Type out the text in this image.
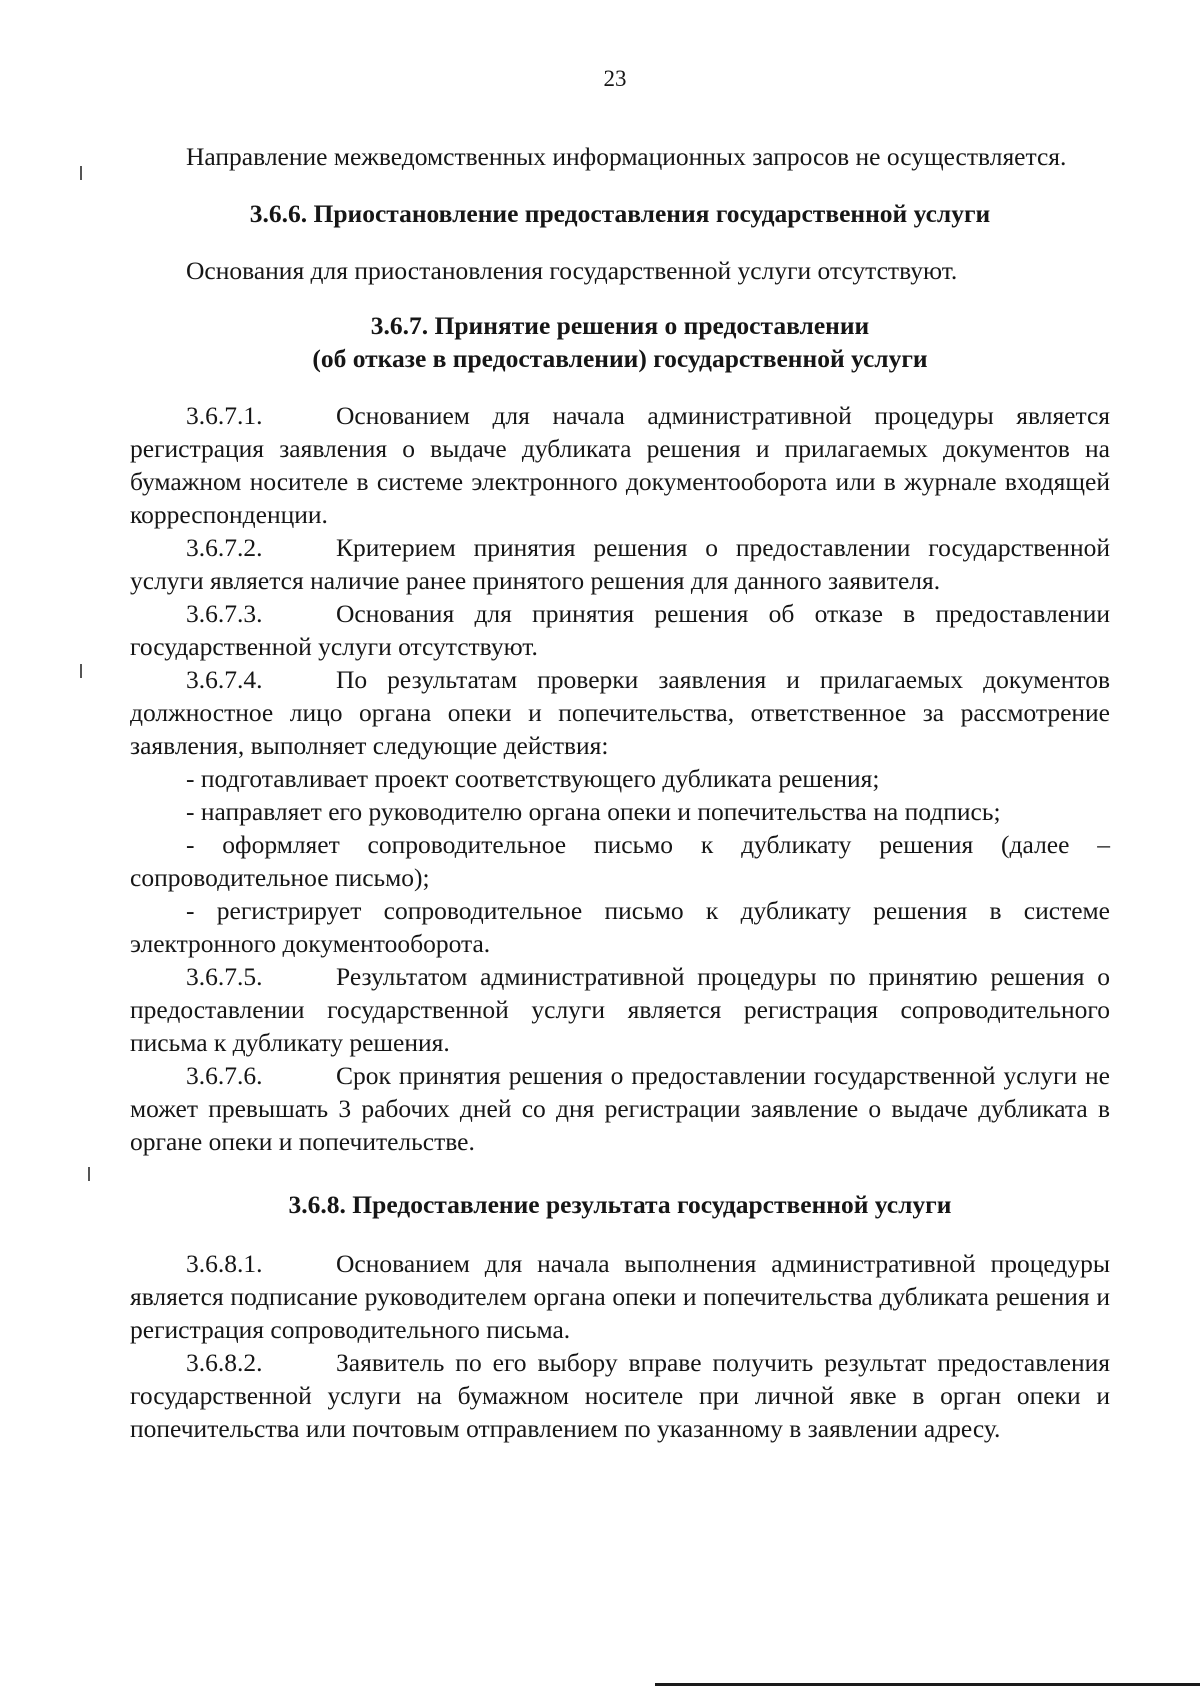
23

Направление межведомственных информационных запросов не осуществляется.

3.6.6. Приостановление предоставления государственной услуги

Основания для приостановления государственной услуги отсутствуют.

3.6.7. Принятие решения о предоставлении
(об отказе в предоставлении) государственной услуги

3.6.7.1.	Основанием для начала административной процедуры является регистрация заявления о выдаче дубликата решения и прилагаемых документов на бумажном носителе в системе электронного документооборота или в журнале входящей корреспонденции.

3.6.7.2.	Критерием принятия решения о предоставлении государственной услуги является наличие ранее принятого решения для данного заявителя.

3.6.7.3.	Основания для принятия решения об отказе в предоставлении государственной услуги отсутствуют.

3.6.7.4.	По результатам проверки заявления и прилагаемых документов должностное лицо органа опеки и попечительства, ответственное за рассмотрение заявления, выполняет следующие действия:

- подготавливает проект соответствующего дубликата решения;

- направляет его руководителю органа опеки и попечительства на подпись;

- оформляет сопроводительное письмо к дубликату решения (далее – сопроводительное письмо);

- регистрирует сопроводительное письмо к дубликату решения в системе электронного документооборота.

3.6.7.5.	Результатом административной процедуры по принятию решения о предоставлении государственной услуги является регистрация сопроводительного письма к дубликату решения.

3.6.7.6.	Срок принятия решения о предоставлении государственной услуги не может превышать 3 рабочих дней со дня регистрации заявление о выдаче дубликата в органе опеки и попечительстве.

3.6.8. Предоставление результата государственной услуги

3.6.8.1.	Основанием для начала выполнения административной процедуры является подписание руководителем органа опеки и попечительства дубликата решения и регистрация сопроводительного письма.

3.6.8.2.	Заявитель по его выбору вправе получить результат предоставления государственной услуги на бумажном носителе при личной явке в орган опеки и попечительства или почтовым отправлением по указанному в заявлении адресу.
